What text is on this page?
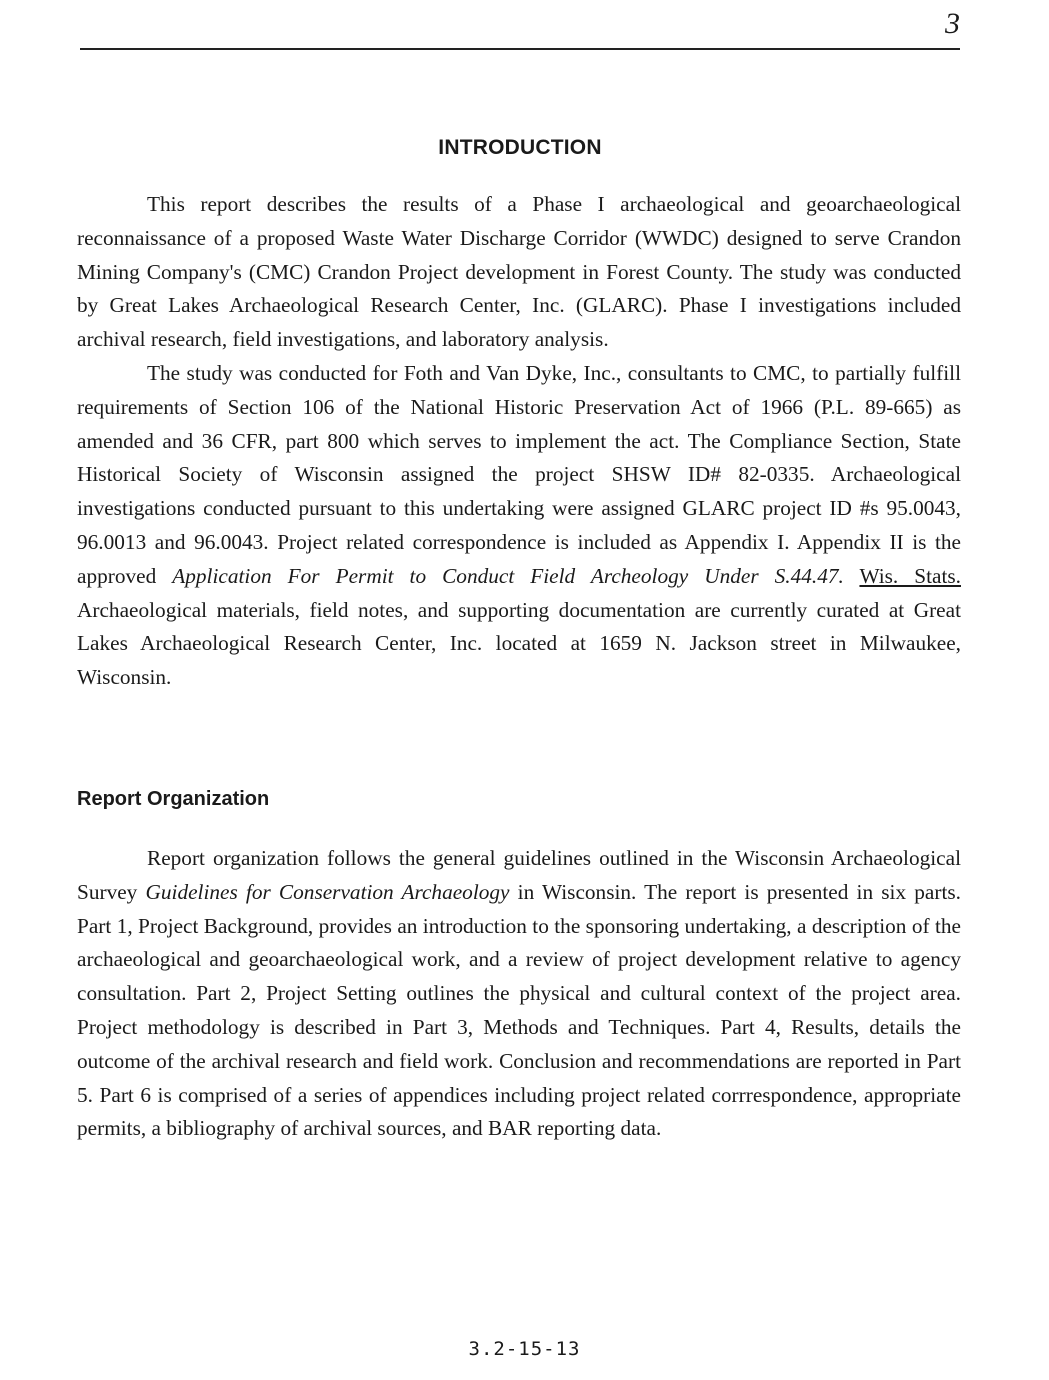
3
INTRODUCTION

This report describes the results of a Phase I archaeological and geoarchaeological reconnaissance of a proposed Waste Water Discharge Corridor (WWDC) designed to serve Crandon Mining Company's (CMC) Crandon Project development in Forest County. The study was conducted by Great Lakes Archaeological Research Center, Inc. (GLARC). Phase I investigations included archival research, field investigations, and laboratory analysis.

The study was conducted for Foth and Van Dyke, Inc., consultants to CMC, to partially fulfill requirements of Section 106 of the National Historic Preservation Act of 1966 (P.L. 89-665) as amended and 36 CFR, part 800 which serves to implement the act. The Compliance Section, State Historical Society of Wisconsin assigned the project SHSW ID# 82-0335. Archaeological investigations conducted pursuant to this undertaking were assigned GLARC project ID #s 95.0043, 96.0013 and 96.0043. Project related correspondence is included as Appendix I. Appendix II is the approved Application For Permit to Conduct Field Archeology Under S.44.47. Wis. Stats. Archaeological materials, field notes, and supporting documentation are currently curated at Great Lakes Archaeological Research Center, Inc. located at 1659 N. Jackson street in Milwaukee, Wisconsin.

Report Organization

Report organization follows the general guidelines outlined in the Wisconsin Archaeological Survey Guidelines for Conservation Archaeology in Wisconsin. The report is presented in six parts. Part 1, Project Background, provides an introduction to the sponsoring undertaking, a description of the archaeological and geoarchaeological work, and a review of project development relative to agency consultation. Part 2, Project Setting outlines the physical and cultural context of the project area. Project methodology is described in Part 3, Methods and Techniques. Part 4, Results, details the outcome of the archival research and field work. Conclusion and recommendations are reported in Part 5. Part 6 is comprised of a series of appendices including project related corrrespondence, appropriate permits, a bibliography of archival sources, and BAR reporting data.

3.2-15-13
